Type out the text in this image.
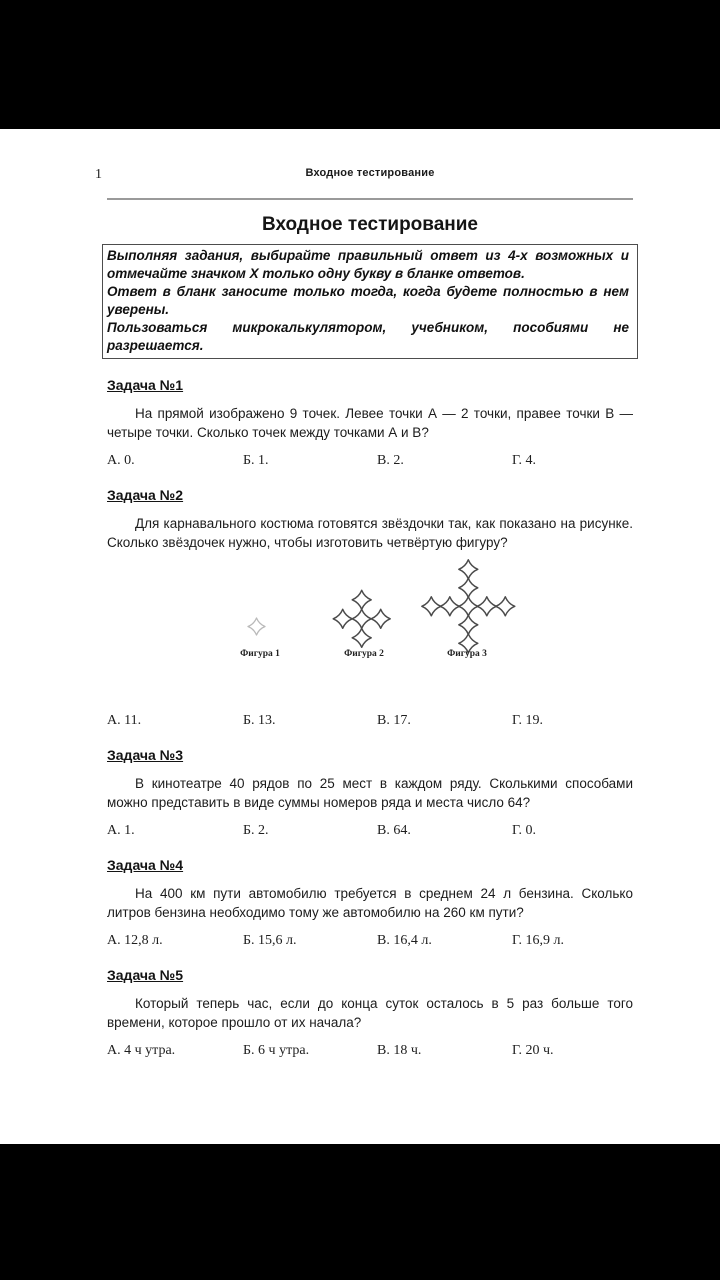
1	Входное тестирование
Входное тестирование

Выполняя задания, выбирайте правильный ответ из 4-х возможных и отмечайте значком Х только одну букву в бланке ответов.

Ответ в бланк заносите только тогда, когда будете полностью в нем уверены.

Пользоваться микрокалькулятором, учебником, пособиями не разрешается.

Задача №1

На прямой изображено 9 точек. Левее точки А — 2 точки, правее точки В — четыре точки. Сколько точек между точками А и В?

А. 0.	Б. 1.	В. 2.	Г. 4.
Задача №2

Для карнавального костюма готовятся звёздочки так, как показано на рисунке. Сколько звёздочек нужно, чтобы изготовить четвёртую фигуру?

Фигура 1	Фигура 2	Фигура 3
А. 11.	Б. 13.	В. 17.	Г. 19.
Задача №3

В кинотеатре 40 рядов по 25 мест в каждом ряду. Сколькими способами можно представить в виде суммы номеров ряда и места число 64?

А. 1.	Б. 2.	В. 64.	Г. 0.
Задача №4

На 400 км пути автомобилю требуется в среднем 24 л бензина. Сколько литров бензина необходимо тому же автомобилю на 260 км пути?

А. 12,8 л.	Б. 15,6 л.	В. 16,4 л.	Г. 16,9 л.
Задача №5

Который теперь час, если до конца суток осталось в 5 раз больше того времени, которое прошло от их начала?

А. 4 ч утра.	Б. 6 ч утра.	В. 18 ч.	Г. 20 ч.
